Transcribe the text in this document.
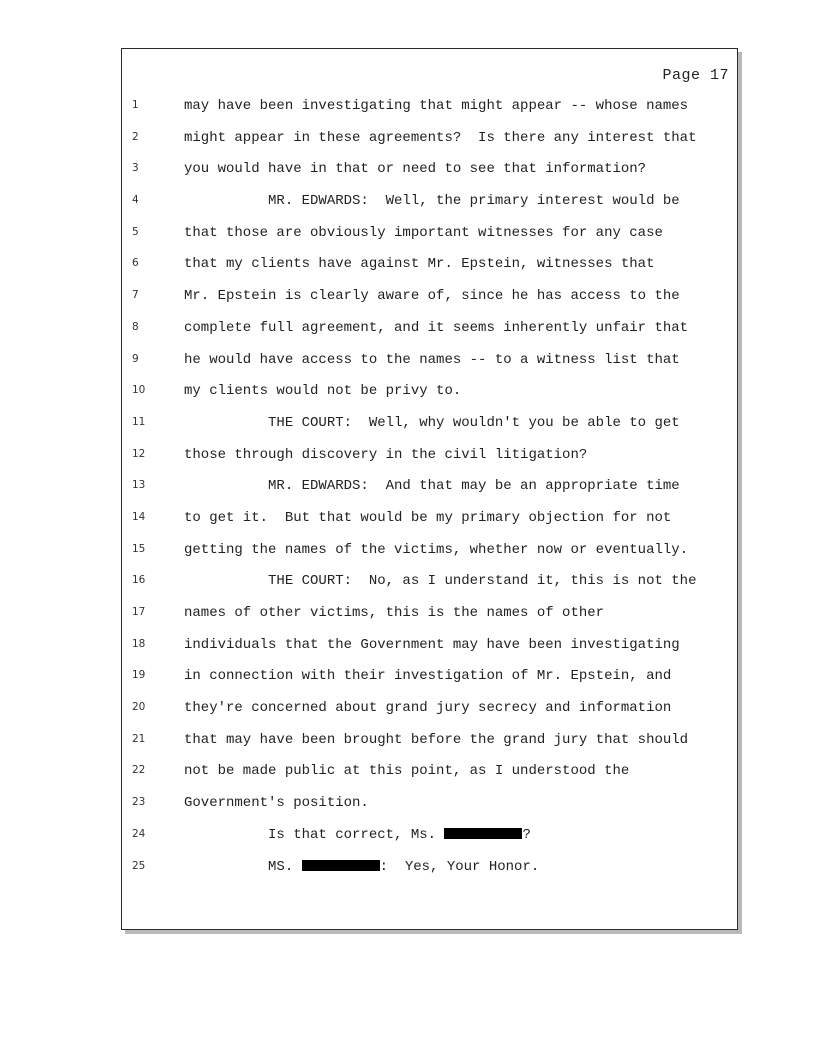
Page 17
1	may have been investigating that might appear -- whose names
2	might appear in these agreements?  Is there any interest that
3	you would have in that or need to see that information?
4	MR. EDWARDS:  Well, the primary interest would be
5	that those are obviously important witnesses for any case
6	that my clients have against Mr. Epstein, witnesses that
7	Mr. Epstein is clearly aware of, since he has access to the
8	complete full agreement, and it seems inherently unfair that
9	he would have access to the names -- to a witness list that
10	my clients would not be privy to.
11	THE COURT:  Well, why wouldn't you be able to get
12	those through discovery in the civil litigation?
13	MR. EDWARDS:  And that may be an appropriate time
14	to get it.  But that would be my primary objection for not
15	getting the names of the victims, whether now or eventually.
16	THE COURT:  No, as I understand it, this is not the
17	names of other victims, this is the names of other
18	individuals that the Government may have been investigating
19	in connection with their investigation of Mr. Epstein, and
20	they're concerned about grand jury secrecy and information
21	that may have been brought before the grand jury that should
22	not be made public at this point, as I understood the
23	Government's position.
24	Is that correct, Ms.	?
25	MS.	:  Yes, Your Honor.
